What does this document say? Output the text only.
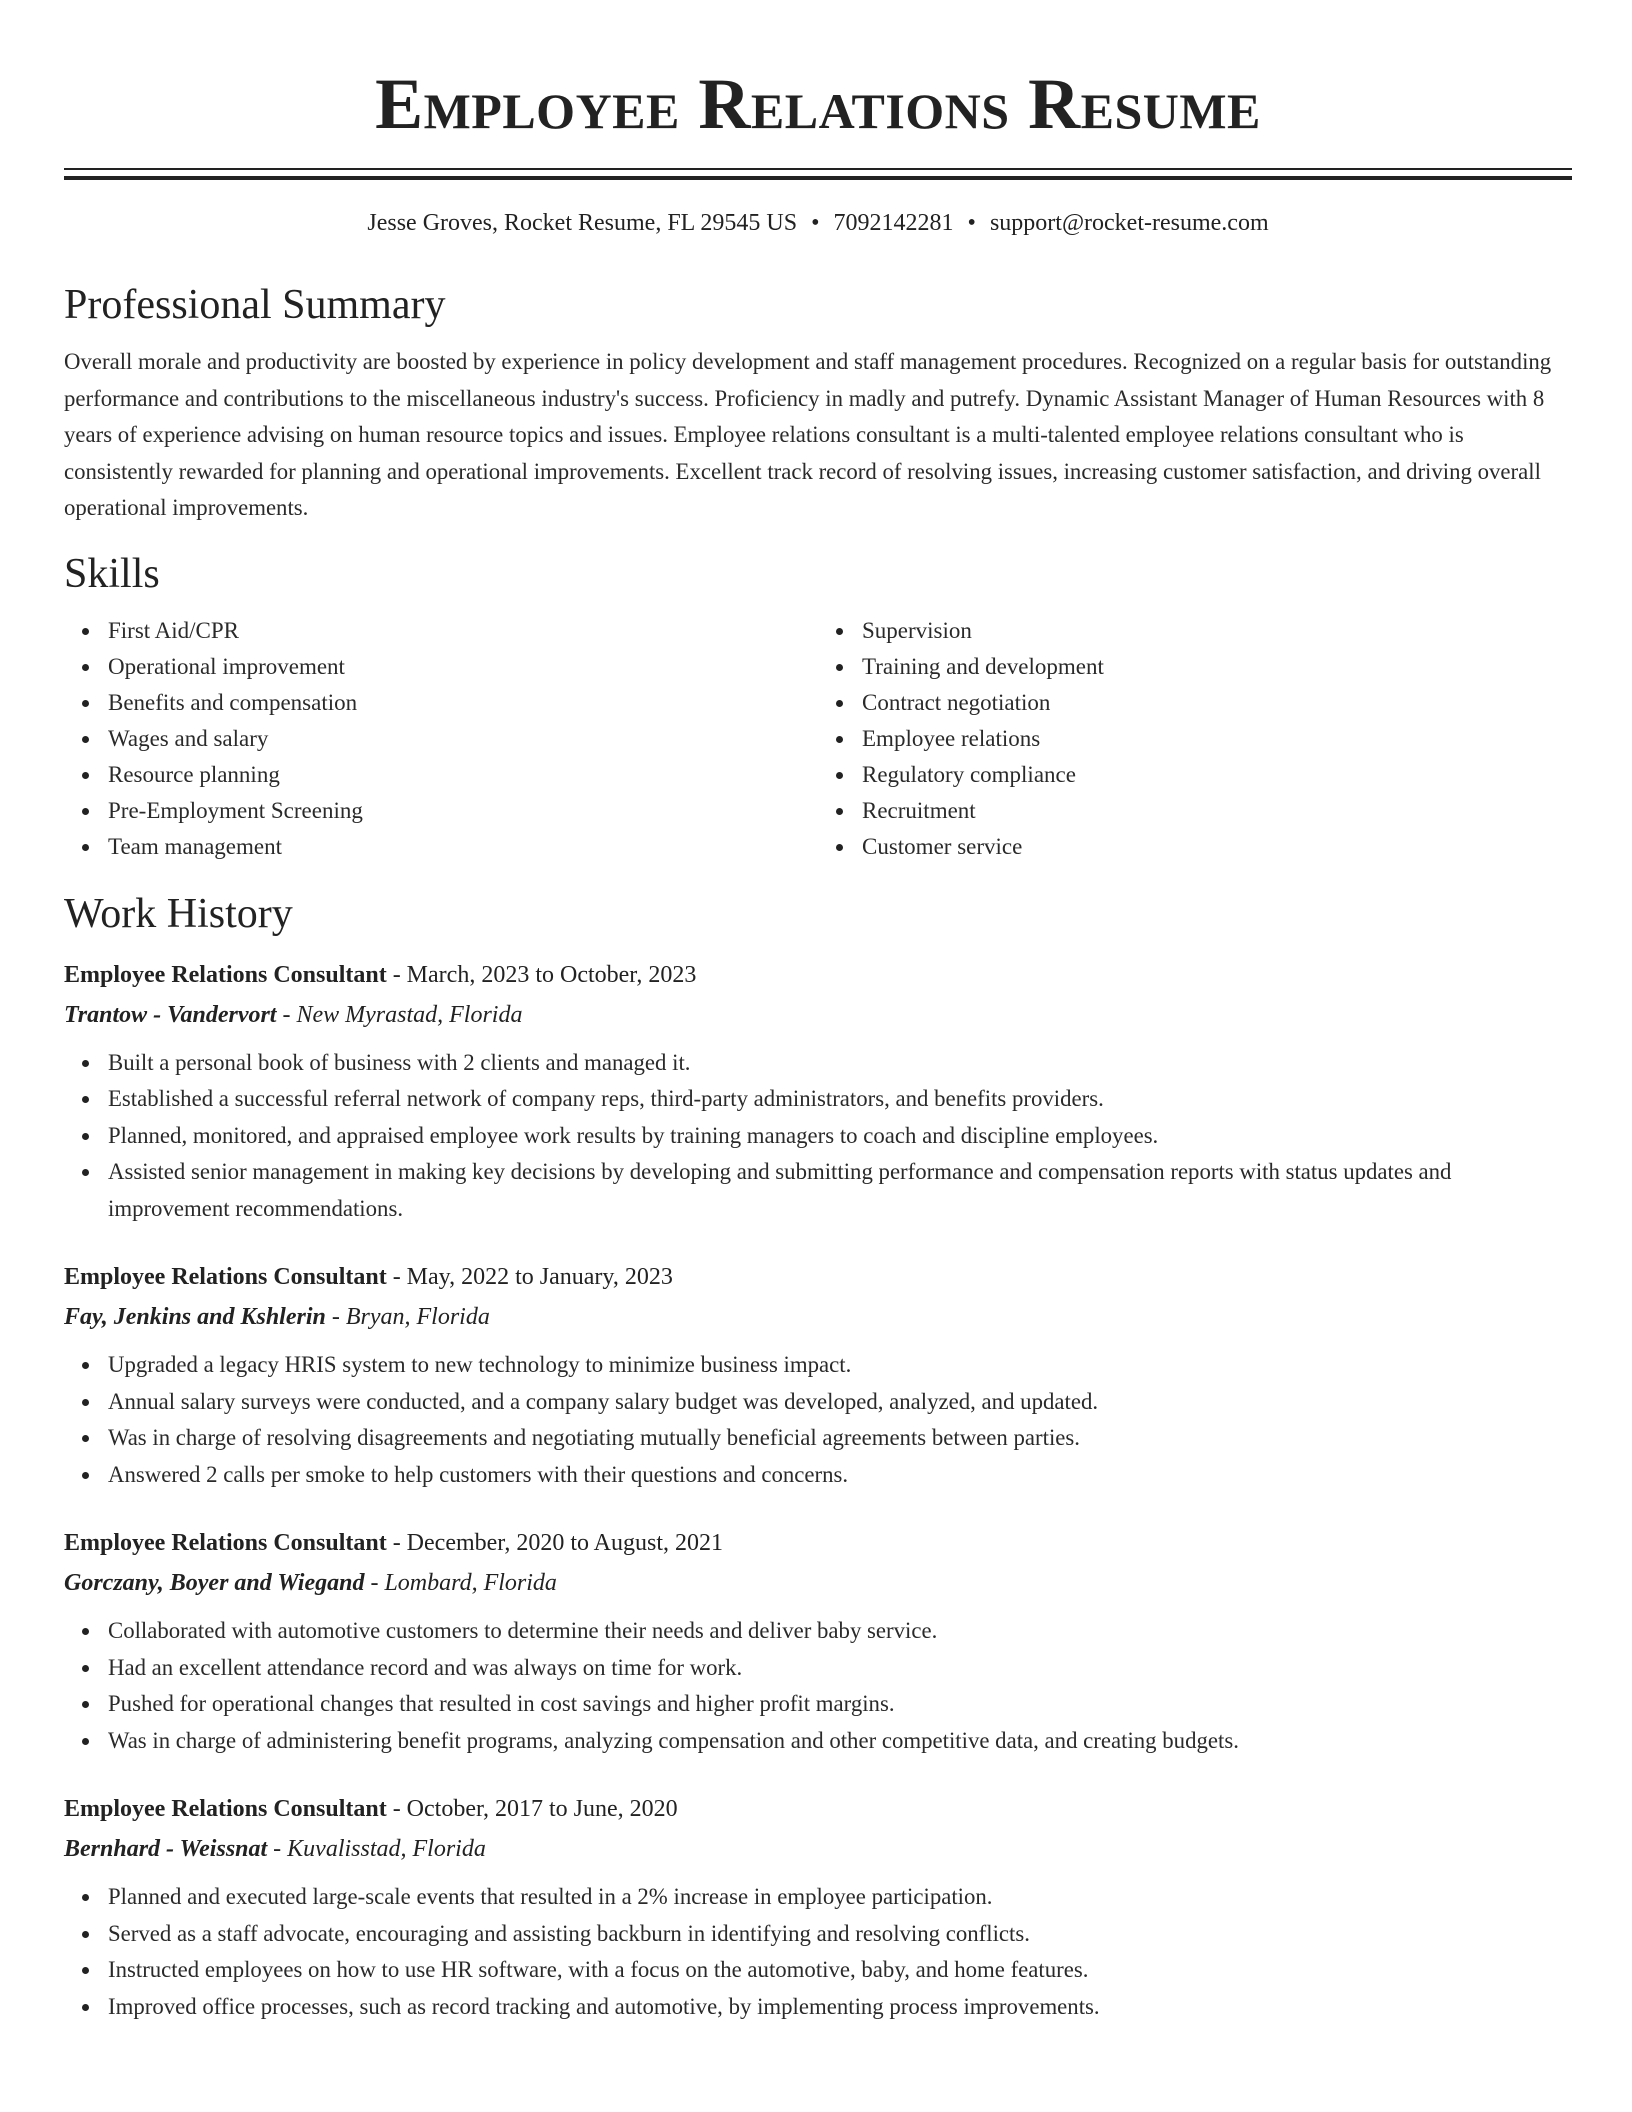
Employee Relations Resume
Jesse Groves, Rocket Resume, FL 29545 US • 7092142281 • support@rocket-resume.com
Professional Summary

Overall morale and productivity are boosted by experience in policy development and staff management procedures. Recognized on a regular basis for outstanding performance and contributions to the miscellaneous industry's success. Proficiency in madly and putrefy. Dynamic Assistant Manager of Human Resources with 8 years of experience advising on human resource topics and issues. Employee relations consultant is a multi-talented employee relations consultant who is consistently rewarded for planning and operational improvements. Excellent track record of resolving issues, increasing customer satisfaction, and driving overall operational improvements.

Skills
First Aid/CPR
Operational improvement
Benefits and compensation
Wages and salary
Resource planning
Pre-Employment Screening
Team management
Supervision
Training and development
Contract negotiation
Employee relations
Regulatory compliance
Recruitment
Customer service
Work History

Employee Relations Consultant - March, 2023 to October, 2023

Trantow - Vandervort - New Myrastad, Florida

Built a personal book of business with 2 clients and managed it.
Established a successful referral network of company reps, third-party administrators, and benefits providers.
Planned, monitored, and appraised employee work results by training managers to coach and discipline employees.
Assisted senior management in making key decisions by developing and submitting performance and compensation reports with status updates and improvement recommendations.

Employee Relations Consultant - May, 2022 to January, 2023

Fay, Jenkins and Kshlerin - Bryan, Florida

Upgraded a legacy HRIS system to new technology to minimize business impact.
Annual salary surveys were conducted, and a company salary budget was developed, analyzed, and updated.
Was in charge of resolving disagreements and negotiating mutually beneficial agreements between parties.
Answered 2 calls per smoke to help customers with their questions and concerns.

Employee Relations Consultant - December, 2020 to August, 2021

Gorczany, Boyer and Wiegand - Lombard, Florida

Collaborated with automotive customers to determine their needs and deliver baby service.
Had an excellent attendance record and was always on time for work.
Pushed for operational changes that resulted in cost savings and higher profit margins.
Was in charge of administering benefit programs, analyzing compensation and other competitive data, and creating budgets.

Employee Relations Consultant - October, 2017 to June, 2020

Bernhard - Weissnat - Kuvalisstad, Florida

Planned and executed large-scale events that resulted in a 2% increase in employee participation.
Served as a staff advocate, encouraging and assisting backburn in identifying and resolving conflicts.
Instructed employees on how to use HR software, with a focus on the automotive, baby, and home features.
Improved office processes, such as record tracking and automotive, by implementing process improvements.
